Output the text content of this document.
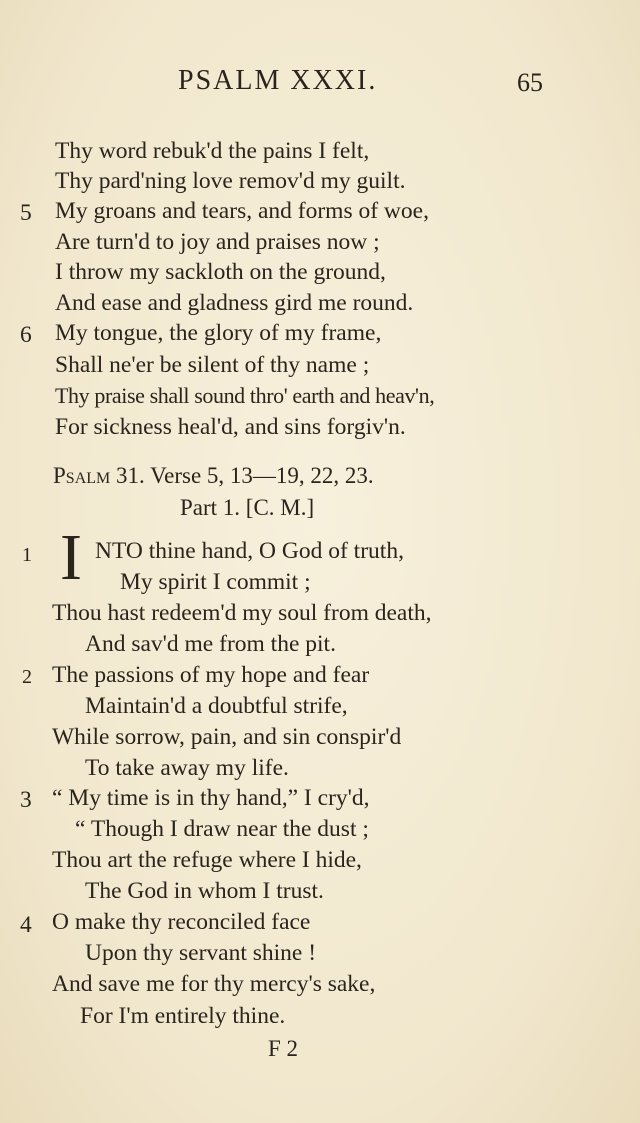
PSALM XXXI.	65
Thy word rebuk'd the pains I felt,
Thy pard'ning love remov'd my guilt.
5 My groans and tears, and forms of woe,
Are turn'd to joy and praises now ;
I throw my sackloth on the ground,
And ease and gladness gird me round.
6 My tongue, the glory of my frame,
Shall ne'er be silent of thy name ;
Thy praise shall sound thro' earth and heav'n,
For sickness heal'd, and sins forgiv'n.
Psalm 31. Verse 5, 13—19, 22, 23.
Part 1. [C. M.]
1 I NTO thine hand, O God of truth,
My spirit I commit ;
Thou hast redeem'd my soul from death,
And sav'd me from the pit.
2 The passions of my hope and fear
Maintain'd a doubtful strife,
While sorrow, pain, and sin conspir'd
To take away my life.
3 “ My time is in thy hand,” I cry'd,
“ Though I draw near the dust ;
Thou art the refuge where I hide,
The God in whom I trust.
4 O make thy reconciled face
Upon thy servant shine !
And save me for thy mercy's sake,
For I'm entirely thine.
F 2
